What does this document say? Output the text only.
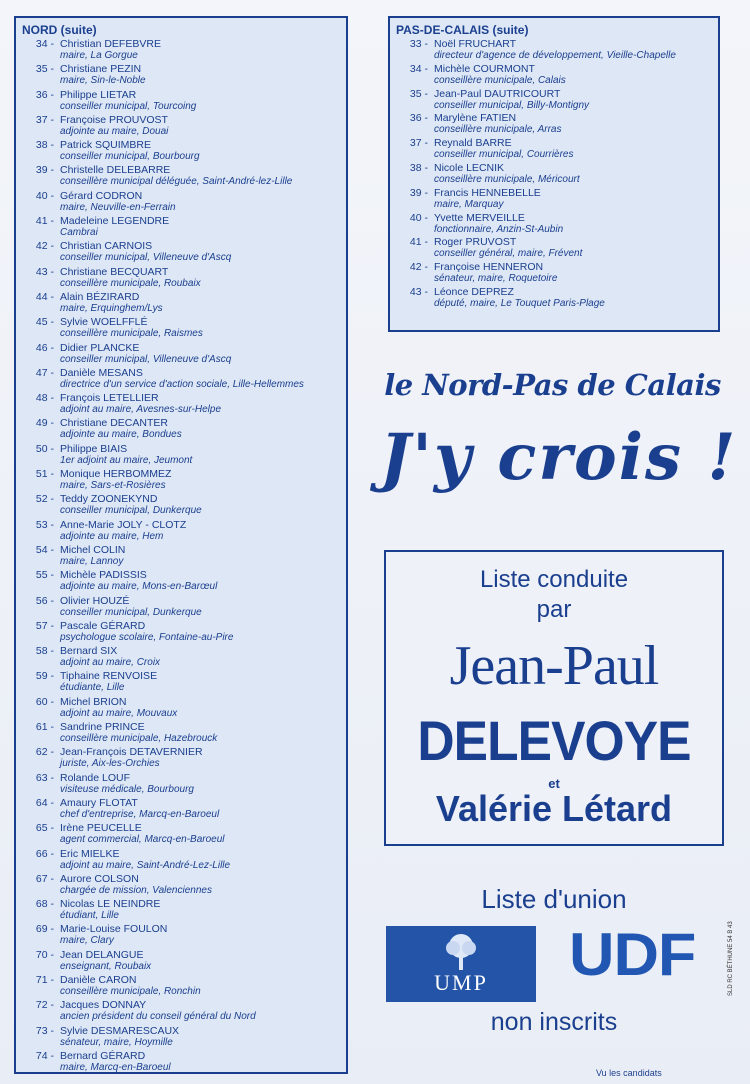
NORD (suite)
34 - Christian DEFEBVRE
maire, La Gorgue
35 - Christiane PEZIN
maire, Sin-le-Noble
36 - Philippe LIETAR
conseiller municipal, Tourcoing
37 - Françoise PROUVOST
adjointe au maire, Douai
38 - Patrick SQUIMBRE
conseiller municipal, Bourbourg
39 - Christelle DELEBARRE
conseillère municipal déléguée, Saint-André-lez-Lille
40 - Gérard CODRON
maire, Neuville-en-Ferrain
41 - Madeleine LEGENDRE
Cambrai
42 - Christian CARNOIS
conseiller municipal, Villeneuve d'Ascq
43 - Christiane BECQUART
conseillère municipale, Roubaix
44 - Alain BÉZIRARD
maire, Erquinghem/Lys
45 - Sylvie WOELFFLÉ
conseillère municipale, Raismes
46 - Didier PLANCKE
conseiller municipal, Villeneuve d'Ascq
47 - Danièle MESANS
directrice d'un service d'action sociale, Lille-Hellemmes
48 - François LETELLIER
adjoint au maire, Avesnes-sur-Helpe
49 - Christiane DECANTER
adjointe au maire, Bondues
50 - Philippe BIAIS
1er adjoint au maire, Jeumont
51 - Monique HERBOMMEZ
maire, Sars-et-Rosières
52 - Teddy ZOONEKYND
conseiller municipal, Dunkerque
53 - Anne-Marie JOLY - CLOTZ
adjointe au maire, Hem
54 - Michel COLIN
maire, Lannoy
55 - Michèle PADISSIS
adjointe au maire, Mons-en-Barœul
56 - Olivier HOUZÉ
conseiller municipal, Dunkerque
57 - Pascale GÉRARD
psychologue scolaire, Fontaine-au-Pire
58 - Bernard SIX
adjoint au maire, Croix
59 - Tiphaine RENVOISE
étudiante, Lille
60 - Michel BRION
adjoint au maire, Mouvaux
61 - Sandrine PRINCE
conseillère municipale, Hazebrouck
62 - Jean-François DETAVERNIER
juriste, Aix-les-Orchies
63 - Rolande LOUF
visiteuse médicale, Bourbourg
64 - Amaury FLOTAT
chef d'entreprise, Marcq-en-Baroeul
65 - Irène PEUCELLE
agent commercial, Marcq-en-Baroeul
66 - Eric MIELKE
adjoint au maire, Saint-André-Lez-Lille
67 - Aurore COLSON
chargée de mission, Valenciennes
68 - Nicolas LE NEINDRE
étudiant, Lille
69 - Marie-Louise FOULON
maire, Clary
70 - Jean DELANGUE
enseignant, Roubaix
71 - Danièle CARON
conseillère municipale, Ronchin
72 - Jacques DONNAY
ancien président du conseil général du Nord
73 - Sylvie DESMARESCAUX
sénateur, maire, Hoymille
74 - Bernard GÉRARD
maire, Marcq-en-Baroeul
PAS-DE-CALAIS (suite)
33 - Noël FRUCHART
directeur d'agence de développement, Vieille-Chapelle
34 - Michèle COURMONT
conseillère municipale, Calais
35 - Jean-Paul DAUTRICOURT
conseiller municipal, Billy-Montigny
36 - Marylène FATIEN
conseillère municipale, Arras
37 - Reynald BARRE
conseiller municipal, Courrières
38 - Nicole LECNIK
conseillère municipale, Méricourt
39 - Francis HENNEBELLE
maire, Marquay
40 - Yvette MERVEILLE
fonctionnaire, Anzin-St-Aubin
41 - Roger PRUVOST
conseiller général, maire, Frévent
42 - Françoise HENNERON
sénateur, maire, Roquetoire
43 - Léonce DEPREZ
député, maire, Le Touquet Paris-Plage
le Nord-Pas de Calais
J'y crois !
Liste conduite
par
Jean-Paul
DELEVOYE
et
Valérie Létard
Liste d'union
UMP	UDF
non inscrits
Vu les candidats
SLD RC BÉTHUNE 54 B 43
